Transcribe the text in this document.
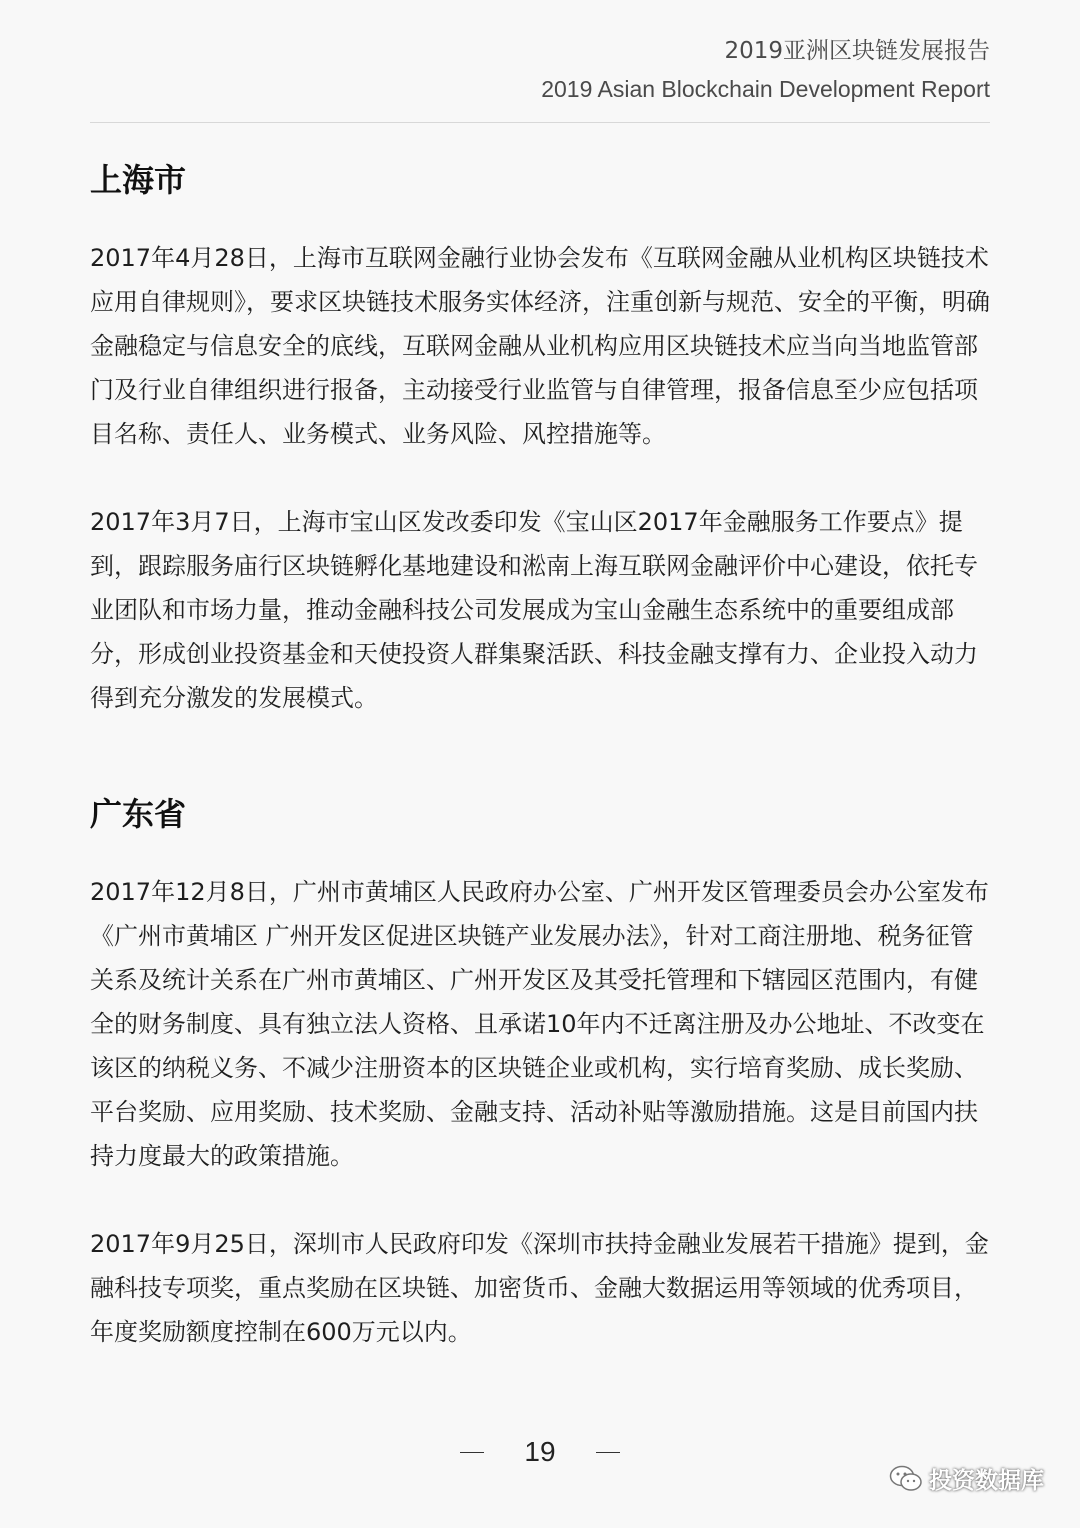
2019亚洲区块链发展报告
2019 Asian Blockchain Development Report
上海市

2017年4月28日，上海市互联网金融行业协会发布《互联网金融从业机构区块链技术应用自律规则》，要求区块链技术服务实体经济，注重创新与规范、安全的平衡，明确金融稳定与信息安全的底线，互联网金融从业机构应用区块链技术应当向当地监管部门及行业自律组织进行报备，主动接受行业监管与自律管理，报备信息至少应包括项目名称、责任人、业务模式、业务风险、风控措施等。

2017年3月7日，上海市宝山区发改委印发《宝山区2017年金融服务工作要点》提到，跟踪服务庙行区块链孵化基地建设和淞南上海互联网金融评价中心建设，依托专业团队和市场力量，推动金融科技公司发展成为宝山金融生态系统中的重要组成部分，形成创业投资基金和天使投资人群集聚活跃、科技金融支撑有力、企业投入动力得到充分激发的发展模式。

广东省

2017年12月8日，广州市黄埔区人民政府办公室、广州开发区管理委员会办公室发布《广州市黄埔区 广州开发区促进区块链产业发展办法》，针对工商注册地、税务征管关系及统计关系在广州市黄埔区、广州开发区及其受托管理和下辖园区范围内，有健全的财务制度、具有独立法人资格、且承诺10年内不迁离注册及办公地址、不改变在该区的纳税义务、不减少注册资本的区块链企业或机构，实行培育奖励、成长奖励、平台奖励、应用奖励、技术奖励、金融支持、活动补贴等激励措施。这是目前国内扶持力度最大的政策措施。

2017年9月25日，深圳市人民政府印发《深圳市扶持金融业发展若干措施》提到，金融科技专项奖，重点奖励在区块链、加密货币、金融大数据运用等领域的优秀项目，年度奖励额度控制在600万元以内。

19
投资数据库
